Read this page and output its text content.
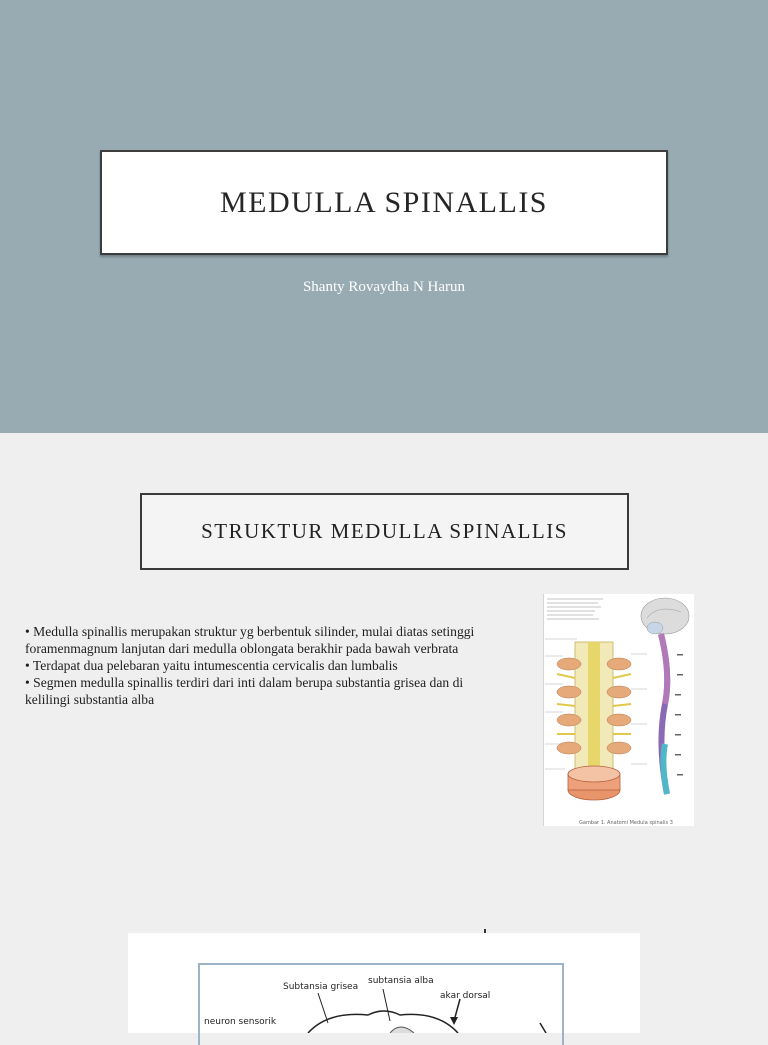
MEDULLA SPINALLIS
Shanty Rovaydha N Harun
STRUKTUR MEDULLA SPINALLIS

• Medulla spinallis merupakan struktur yg berbentuk silinder, mulai diatas setinggi foramenmagnum lanjutan dari medulla oblongata berakhir pada bawah verbrata

• Terdapat dua pelebaran yaitu intumescentia cervicalis dan lumbalis

• Segmen medulla spinallis terdiri dari inti dalam berupa substantia grisea dan di kelilingi substantia alba

Gambar 1. Anatomi Medula spinalis 3
Subtansia grisea
subtansia alba
akar dorsal
neuron sensorik
